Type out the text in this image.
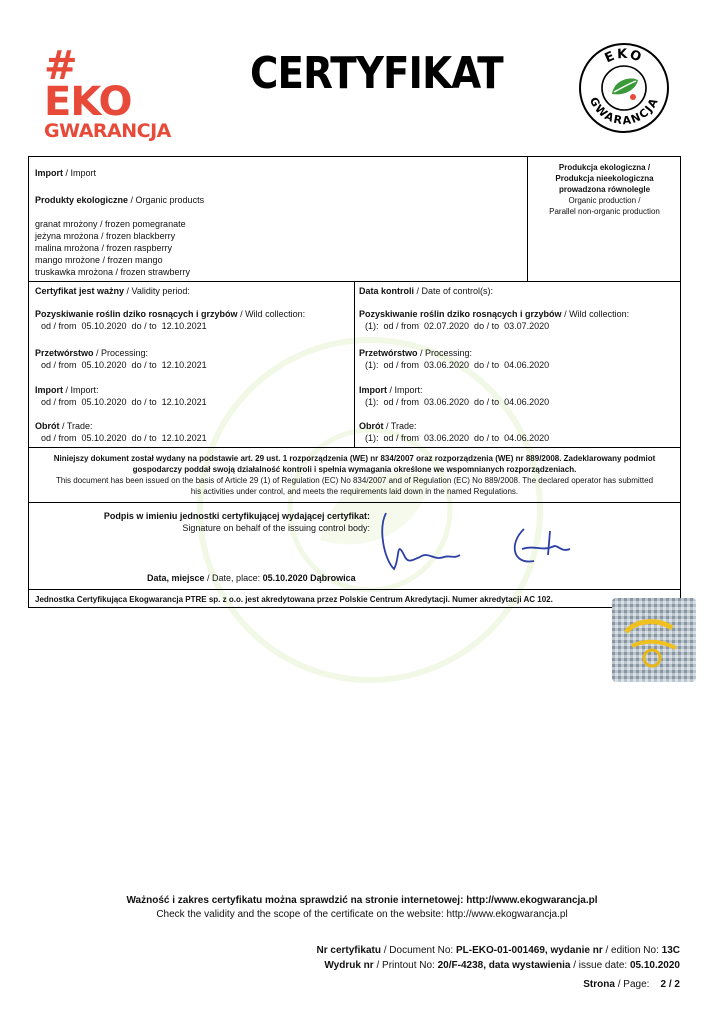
# EKO
GWARANCJA
CERTYFIKAT	EKO
GWARANCJA
Import / Import
Produkty ekologiczne / Organic products
granat mrożony / frozen pomegranate
jeżyna mrożona / frozen blackberry
malina mrożona / frozen raspberry
mango mrożone / frozen mango
truskawka mrożona / frozen strawberry
Produkcja ekologiczna /
Produkcja nieekologiczna
prowadzona równolegle
Organic production /
Parallel non-organic production
Certyfikat jest ważny / Validity period:
Pozyskiwanie roślin dziko rosnących i grzybów / Wild collection:
od / from  05.10.2020  do / to  12.10.2021
Przetwórstwo / Processing:
od / from  05.10.2020  do / to  12.10.2021
Import / Import:
od / from  05.10.2020  do / to  12.10.2021
Obrót / Trade:
od / from  05.10.2020  do / to  12.10.2021
Data kontroli / Date of control(s):
Pozyskiwanie roślin dziko rosnących i grzybów / Wild collection:
(1):  od / from  02.07.2020  do / to  03.07.2020
Przetwórstwo / Processing:
(1):  od / from  03.06.2020  do / to  04.06.2020
Import / Import:
(1):  od / from  03.06.2020  do / to  04.06.2020
Obrót / Trade:
(1):  od / from  03.06.2020  do / to  04.06.2020
Niniejszy dokument został wydany na podstawie art. 29 ust. 1 rozporządzenia (WE) nr 834/2007 oraz rozporządzenia (WE) nr 889/2008. Zadeklarowany podmiot
gospodarczy poddał swoją działalność kontroli i spełnia wymagania określone we wspomnianych rozporządzeniach.
This document has been issued on the basis of Article 29 (1) of Regulation (EC) No 834/2007 and of Regulation (EC) No 889/2008. The declared operator has submitted
his activities under control, and meets the requirements laid down in the named Regulations.
Podpis w imieniu jednostki certyfikującej wydającej certyfikat:
Signature on behalf of the issuing control body:
Data, miejsce / Date, place: 05.10.2020 Dąbrowica
Jednostka Certyfikująca Ekogwarancja PTRE sp. z o.o. jest akredytowana przez Polskie Centrum Akredytacji. Numer akredytacji AC 102.
Ważność i zakres certyfikatu można sprawdzić na stronie internetowej: http://www.ekogwarancja.pl
Check the validity and the scope of the certificate on the website: http://www.ekogwarancja.pl
Nr certyfikatu / Document No: PL-EKO-01-001469, wydanie nr / edition No: 13C
Wydruk nr / Printout No: 20/F-4238, data wystawienia / issue date: 05.10.2020
Strona / Page: 2 / 2
